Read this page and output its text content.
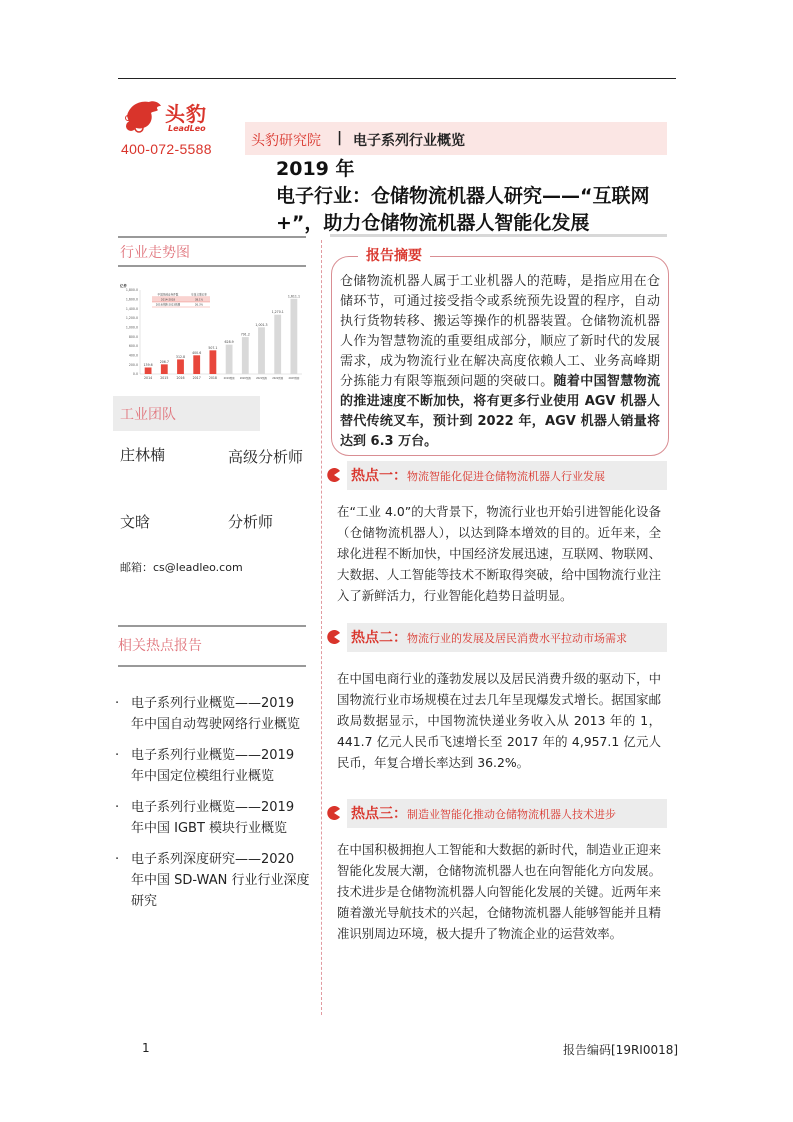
头豹
LeadLeo
400-072-5588	头豹研究院 | 电子系列行业概览
2019 年
电子行业：仓储物流机器人研究——“互联网
+”，助力仓储物流机器人智能化发展
行业走势图
亿件
0.0
200.0
400.0
600.0
800.0
1,000.0
1,200.0
1,400.0
1,600.0
1,800.0
139.6
2014
206.7
2015
312.8
2016
400.6
2017
507.1
2018
628.9
2019预测
791.2
2020预测
1,001.3
2021预测
1,270.1
2022预测
1,611.1
2023预测
中国快递业务件数	年复合增长率
2014-2018	38.1%
2019预测-2023预测	26.3%
工业团队
庄林楠	高级分析师
文晗	分析师
邮箱：cs@leadleo.com
相关热点报告
· 电子系列行业概览——2019 年中国自动驾驶网络行业概览
· 电子系列行业概览——2019 年中国定位模组行业概览
· 电子系列行业概览——2019 年中国 IGBT 模块行业概览
· 电子系列深度研究——2020 年中国 SD-WAN 行业行业深度研究
报告摘要
仓储物流机器人属于工业机器人的范畴，是指应用在仓储环节，可通过接受指令或系统预先设置的程序，自动执行货物转移、搬运等操作的机器装置。仓储物流机器人作为智慧物流的重要组成部分，顺应了新时代的发展需求，成为物流行业在解决高度依赖人工、业务高峰期分拣能力有限等瓶颈问题的突破口。随着中国智慧物流的推进速度不断加快，将有更多行业使用 AGV 机器人替代传统叉车，预计到 2022 年，AGV 机器人销量将达到 6.3 万台。
热点一：物流智能化促进仓储物流机器人行业发展
在“工业 4.0”的大背景下，物流行业也开始引进智能化设备（仓储物流机器人），以达到降本增效的目的。近年来，全球化进程不断加快，中国经济发展迅速，互联网、物联网、大数据、人工智能等技术不断取得突破，给中国物流行业注入了新鲜活力，行业智能化趋势日益明显。
热点二：物流行业的发展及居民消费水平拉动市场需求
在中国电商行业的蓬勃发展以及居民消费升级的驱动下，中国物流行业市场规模在过去几年呈现爆发式增长。据国家邮政局数据显示，中国物流快递业务收入从 2013 年的 1，441.7 亿元人民币飞速增长至 2017 年的 4,957.1 亿元人民币，年复合增长率达到 36.2%。
热点三：制造业智能化推动仓储物流机器人技术进步
在中国积极拥抱人工智能和大数据的新时代，制造业正迎来智能化发展大潮，仓储物流机器人也在向智能化方向发展。技术进步是仓储物流机器人向智能化发展的关键。近两年来随着激光导航技术的兴起，仓储物流机器人能够智能并且精准识别周边环境，极大提升了物流企业的运营效率。
1	报告编码[19RI0018]
